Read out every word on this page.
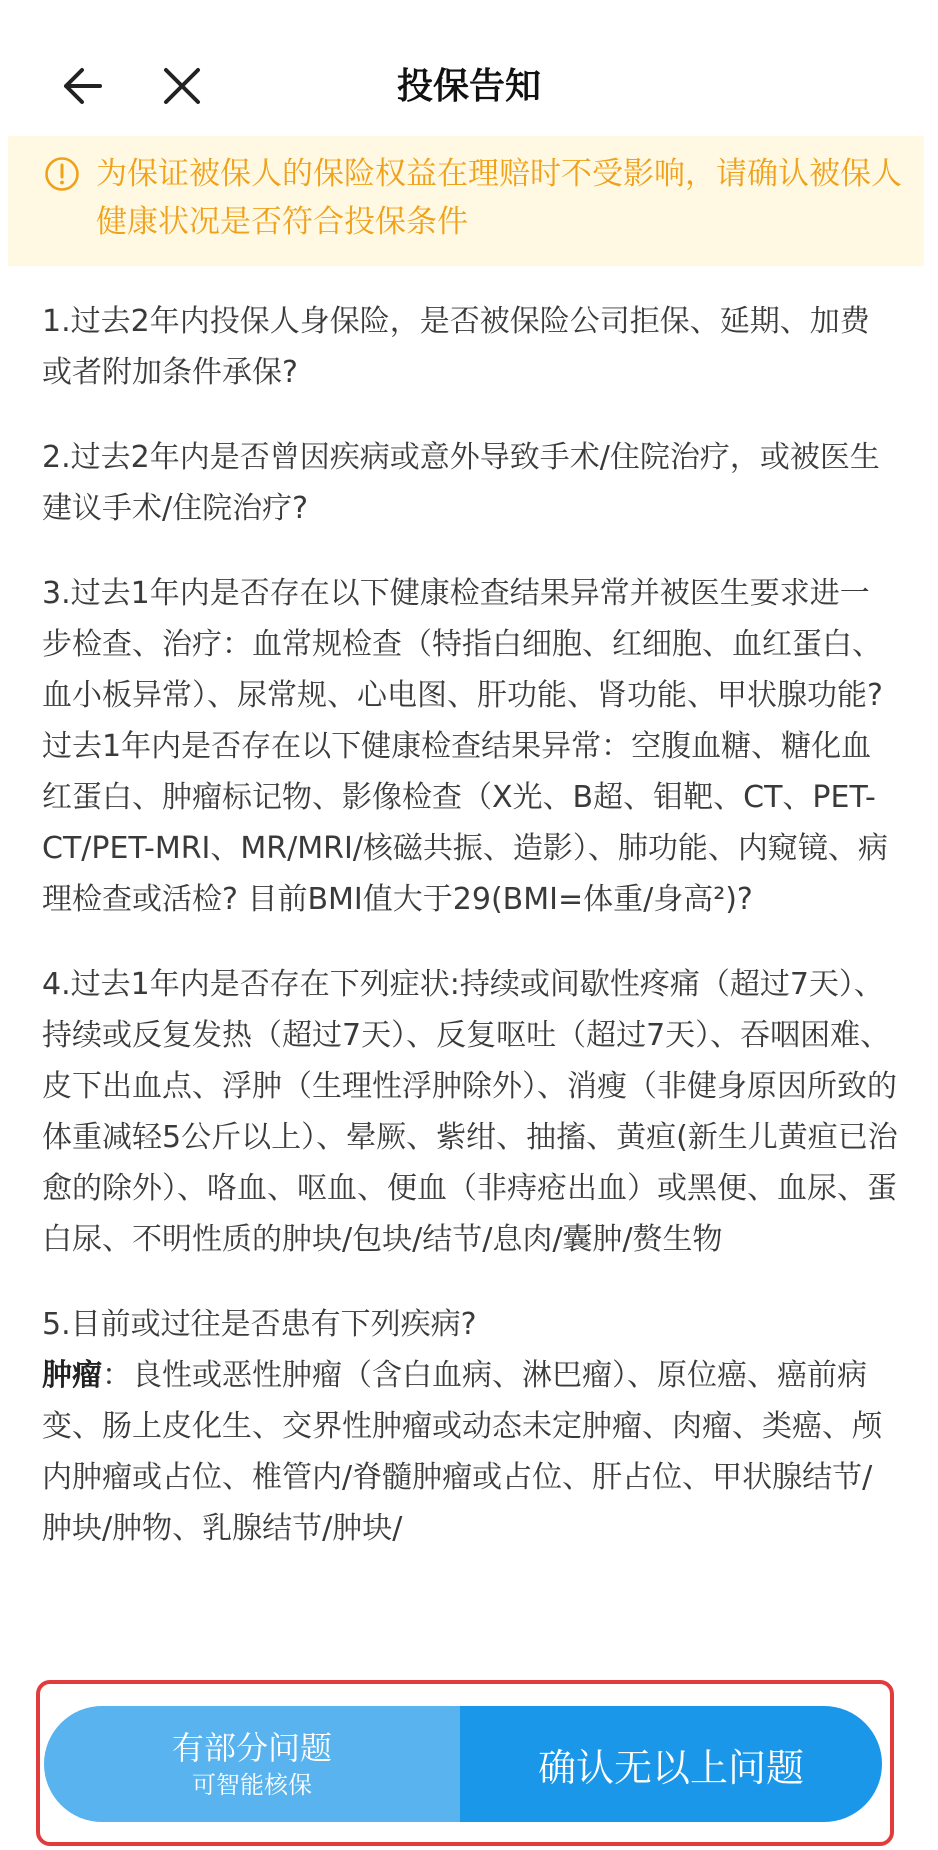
投保告知
为保证被保人的保险权益在理赔时不受影响，请确认被保人健康状况是否符合投保条件

1.过去2年内投保人身保险，是否被保险公司拒保、延期、加费或者附加条件承保?

2.过去2年内是否曾因疾病或意外导致手术/住院治疗，或被医生建议手术/住院治疗?

3.过去1年内是否存在以下健康检查结果异常并被医生要求进一步检查、治疗：血常规检查（特指白细胞、红细胞、血红蛋白、血小板异常）、尿常规、心电图、肝功能、肾功能、甲状腺功能? 过去1年内是否存在以下健康检查结果异常：空腹血糖、糖化血红蛋白、肿瘤标记物、影像检查（X光、B超、钼靶、CT、PET-CT/PET-MRI、MR/MRI/核磁共振、造影）、肺功能、内窥镜、病理检查或活检? 目前BMI值大于29(BMI=体重/身高²)?

4.过去1年内是否存在下列症状:持续或间歇性疼痛（超过7天）、持续或反复发热（超过7天）、反复呕吐（超过7天）、吞咽困难、皮下出血点、浮肿（生理性浮肿除外）、消瘦（非健身原因所致的体重减轻5公斤以上）、晕厥、紫绀、抽搐、黄疸(新生儿黄疸已治愈的除外）、咯血、呕血、便血（非痔疮出血）或黑便、血尿、蛋白尿、不明性质的肿块/包块/结节/息肉/囊肿/赘生物

5.目前或过往是否患有下列疾病?
肿瘤：良性或恶性肿瘤（含白血病、淋巴瘤）、原位癌、癌前病变、肠上皮化生、交界性肿瘤或动态未定肿瘤、肉瘤、类癌、颅内肿瘤或占位、椎管内/脊髓肿瘤或占位、肝占位、甲状腺结节/肿块/肿物、乳腺结节/肿块/

有部分问题
可智能核保	确认无以上问题
